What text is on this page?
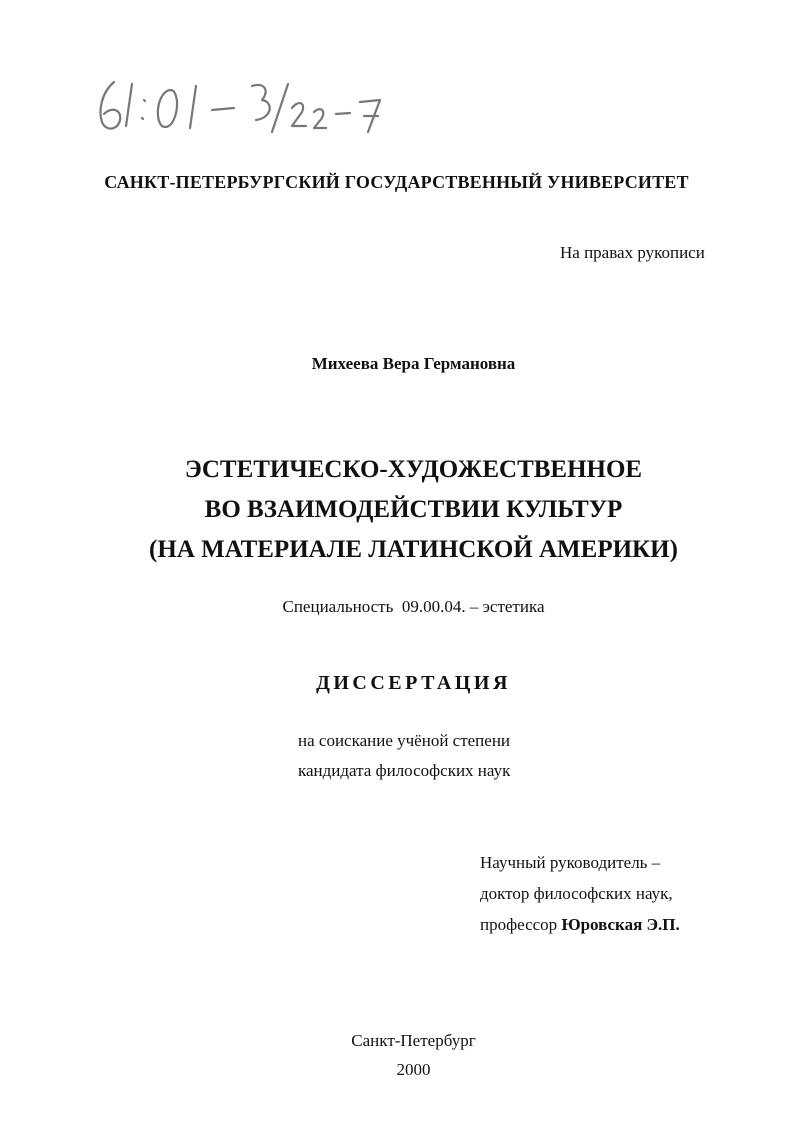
САНКТ-ПЕТЕРБУРГСКИЙ ГОСУДАРСТВЕННЫЙ УНИВЕРСИТЕТ
На правах рукописи
Михеева Вера Германовна
ЭСТЕТИЧЕСКО-ХУДОЖЕСТВЕННОЕ
ВО ВЗАИМОДЕЙСТВИИ КУЛЬТУР
(НА МАТЕРИАЛЕ ЛАТИНСКОЙ АМЕРИКИ)
Специальность  09.00.04. – эстетика
ДИССЕРТАЦИЯ
на соискание учёной степени
кандидата философских наук
Научный руководитель –
доктор философских наук,
профессор Юровская Э.П.
Санкт-Петербург
2000
